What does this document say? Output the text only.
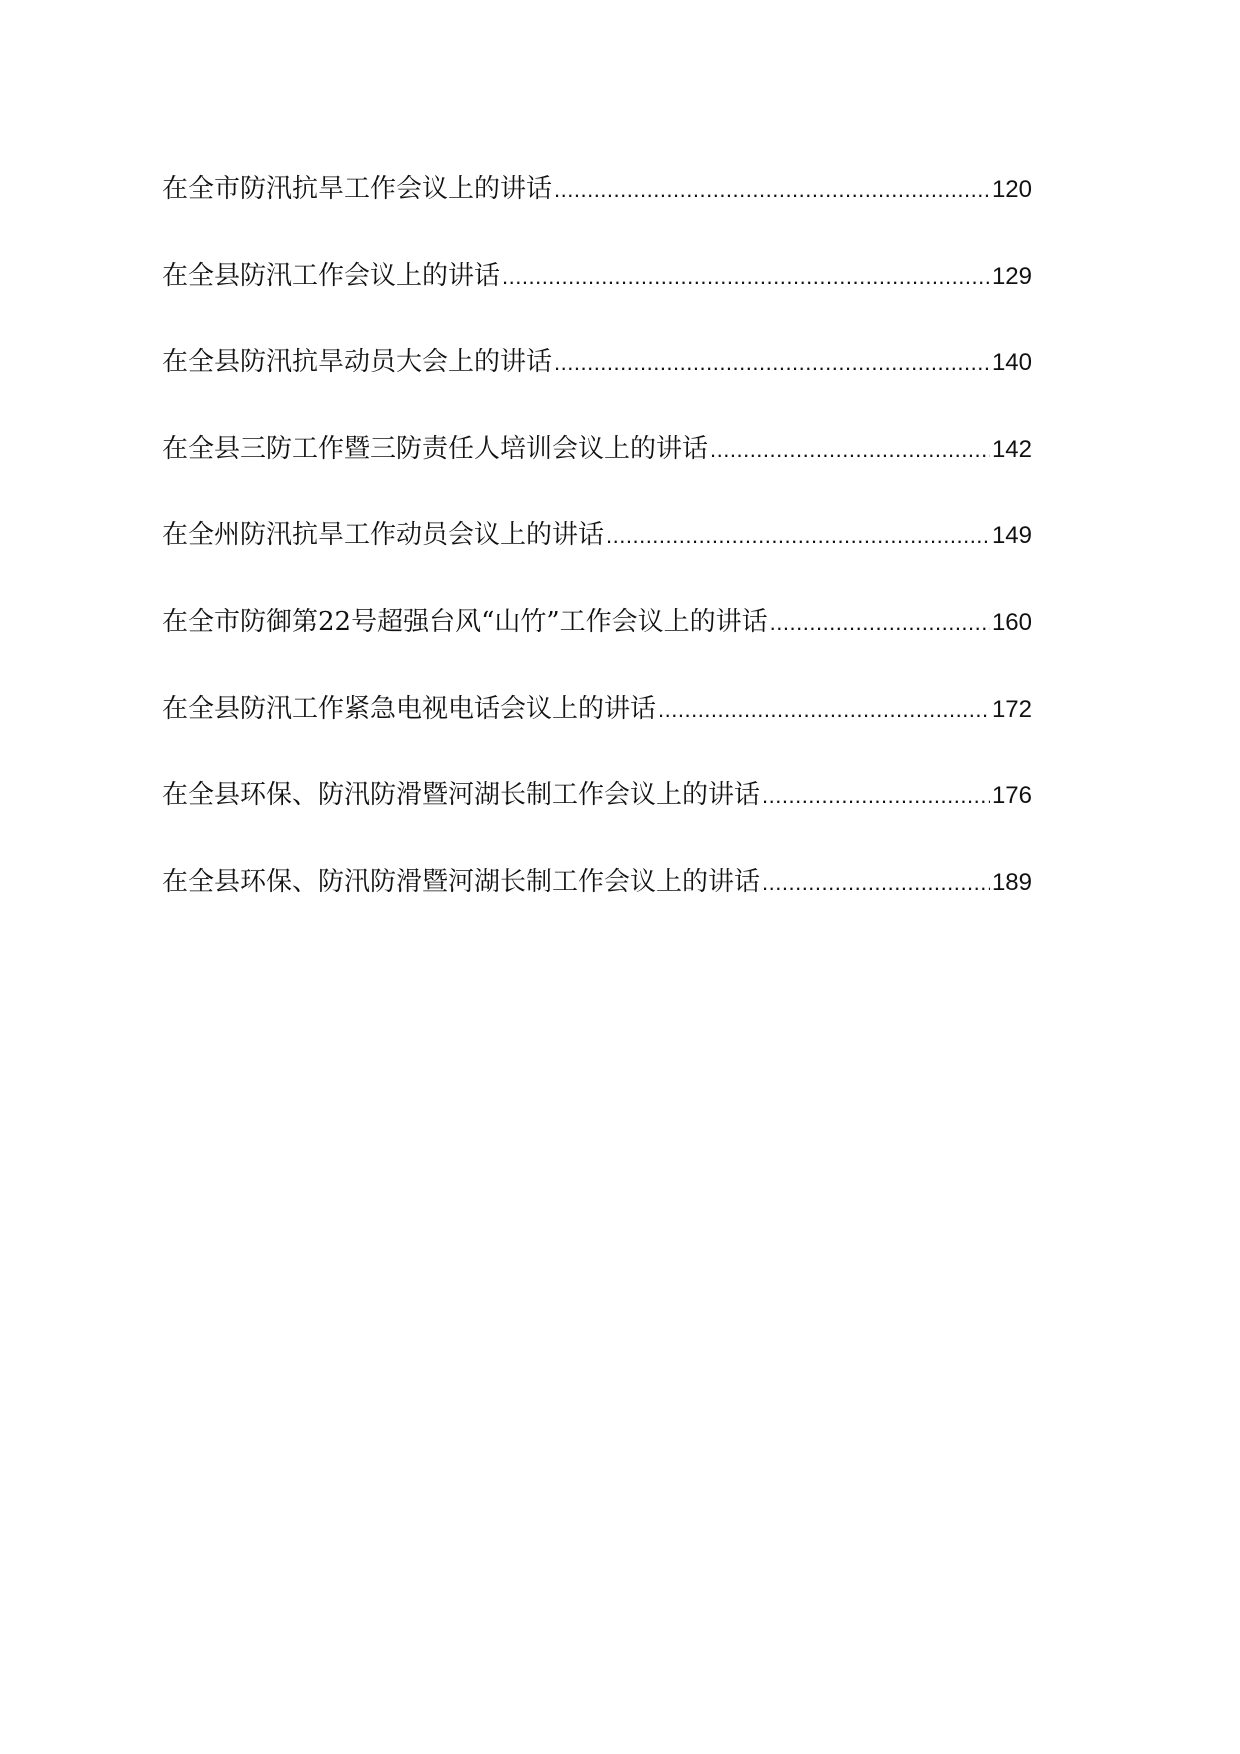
在全市防汛抗旱工作会议上的讲话 .....	120
在全县防汛工作会议上的讲话 .....	129
在全县防汛抗旱动员大会上的讲话 .....	140
在全县三防工作暨三防责任人培训会议上的讲话 .....	142
在全州防汛抗旱工作动员会议上的讲话 .....	149
在全市防御第22号超强台风“山竹”工作会议上的讲话 .....	160
在全县防汛工作紧急电视电话会议上的讲话 .....	172
在全县环保、防汛防滑暨河湖长制工作会议上的讲话 .....	176
在全县环保、防汛防滑暨河湖长制工作会议上的讲话 .....	189
